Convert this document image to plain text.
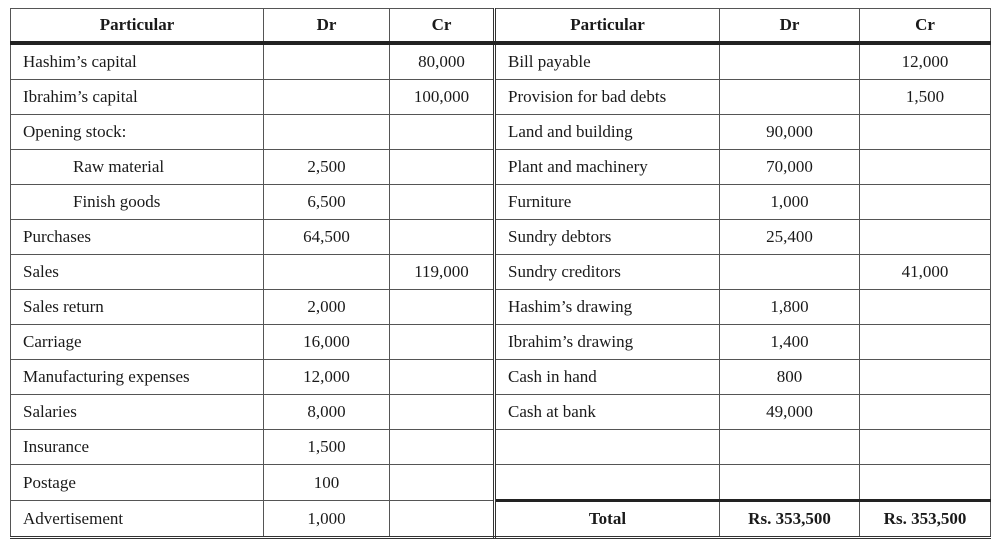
Particular	Dr	Cr	Particular	Dr	Cr
Hashim’s capital		80,000	Bill payable		12,000
Ibrahim’s capital		100,000	Provision for bad debts		1,500
Opening stock:			Land and building	90,000	
Raw material	2,500		Plant and machinery	70,000	
Finish goods	6,500		Furniture	1,000	
Purchases	64,500		Sundry debtors	25,400	
Sales		119,000	Sundry creditors		41,000
Sales return	2,000		Hashim’s drawing	1,800	
Carriage	16,000		Ibrahim’s drawing	1,400	
Manufacturing expenses	12,000		Cash in hand	800	
Salaries	8,000		Cash at bank	49,000	
Insurance	1,500				
Postage	100				
Advertisement	1,000		Total	Rs. 353,500	Rs. 353,500
